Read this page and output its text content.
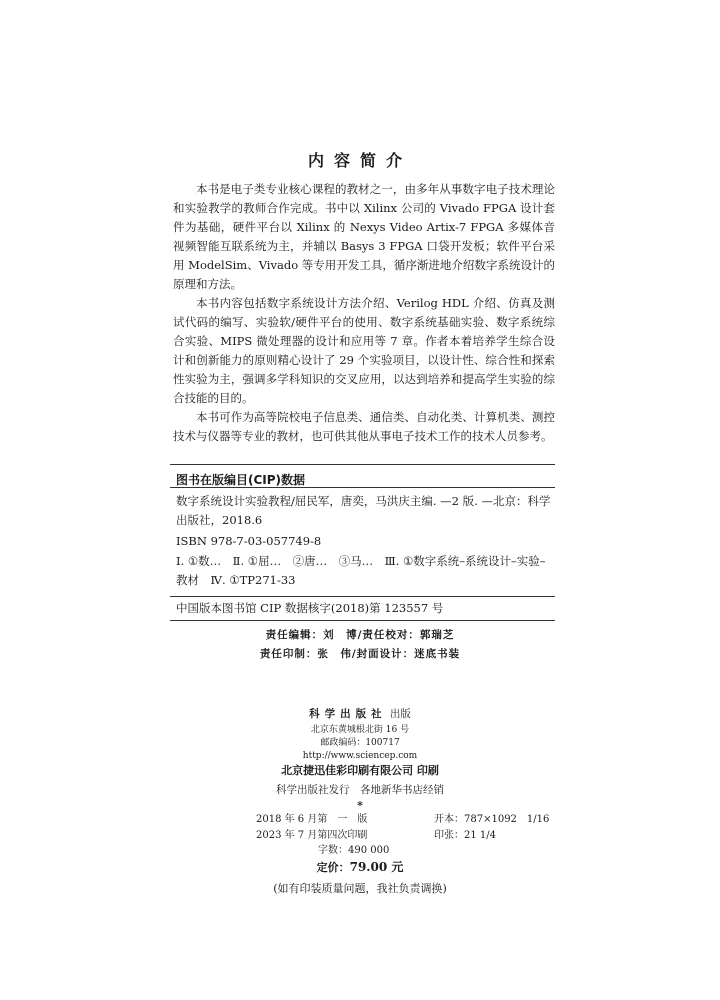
内容简介

本书是电子类专业核心课程的教材之一，由多年从事数字电子技术理论和实验教学的教师合作完成。书中以 Xilinx 公司的 Vivado FPGA 设计套件为基础，硬件平台以 Xilinx 的 Nexys Video Artix-7 FPGA 多媒体音视频智能互联系统为主，并辅以 Basys 3 FPGA 口袋开发板；软件平台采用 ModelSim、Vivado 等专用开发工具，循序渐进地介绍数字系统设计的原理和方法。

本书内容包括数字系统设计方法介绍、Verilog HDL 介绍、仿真及测试代码的编写、实验软/硬件平台的使用、数字系统基础实验、数字系统综合实验、MIPS 微处理器的设计和应用等 7 章。作者本着培养学生综合设计和创新能力的原则精心设计了 29 个实验项目，以设计性、综合性和探索性实验为主，强调多学科知识的交叉应用，以达到培养和提高学生实验的综合技能的目的。

本书可作为高等院校电子信息类、通信类、自动化类、计算机类、测控技术与仪器等专业的教材，也可供其他从事电子技术工作的技术人员参考。

图书在版编目(CIP)数据
数字系统设计实验教程/屈民军，唐奕，马洪庆主编. —2 版. —北京：科学出版社，2018.6
ISBN 978-7-03-057749-8
Ⅰ. ①数…　Ⅱ. ①屈…　②唐…　③马…　Ⅲ. ①数字系统–系统设计–实验–教材　Ⅳ. ①TP271-33
中国版本图书馆 CIP 数据核字(2018)第 123557 号
责任编辑：刘　博/责任校对：郭瑞芝
责任印制：张　伟/封面设计：迷底书装
科学出版社 出版
北京东黄城根北街 16 号
邮政编码：100717
http://www.sciencep.com
北京捷迅佳彩印刷有限公司 印刷
科学出版社发行　各地新华书店经销
*
2018 年 6 月第　一　版	开本：787×1092　1/16
2023 年 7 月第四次印刷	印张：21 1/4
字数：490 000
定价：79.00 元
(如有印装质量问题，我社负责调换)
